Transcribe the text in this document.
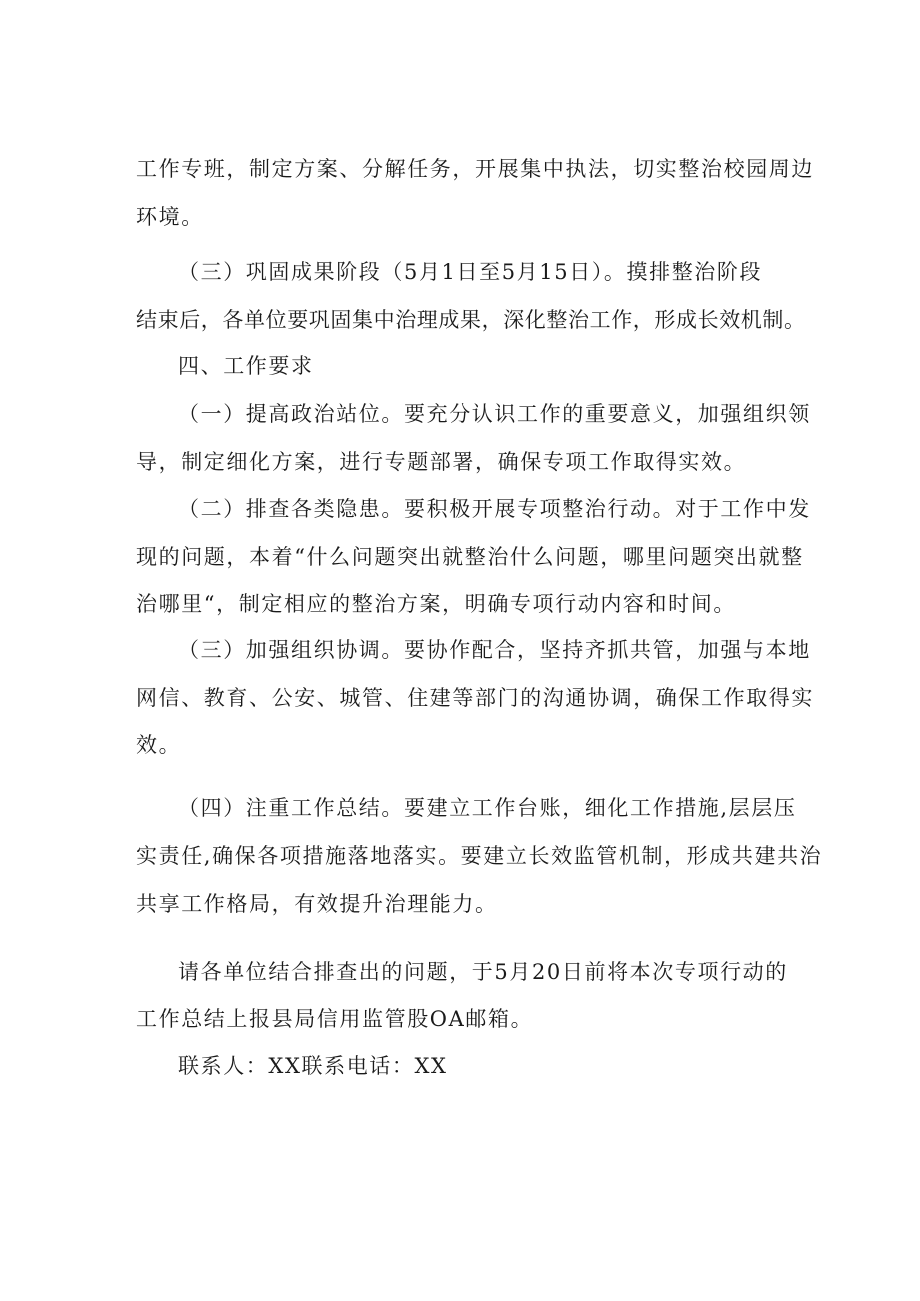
工作专班，制定方案、分解任务，开展集中执法，切实整治校园周边
环境。
（三）巩固成果阶段（5月1日至5月15日）。摸排整治阶段
结束后，各单位要巩固集中治理成果，深化整治工作，形成长效机制。
四、工作要求
（一）提高政治站位。要充分认识工作的重要意义，加强组织领
导，制定细化方案，进行专题部署，确保专项工作取得实效。
（二）排查各类隐患。要积极开展专项整治行动。对于工作中发
现的问题，本着“什么问题突出就整治什么问题，哪里问题突出就整
治哪里“，制定相应的整治方案，明确专项行动内容和时间。
（三）加强组织协调。要协作配合，坚持齐抓共管，加强与本地
网信、教育、公安、城管、住建等部门的沟通协调，确保工作取得实
效。
（四）注重工作总结。要建立工作台账，细化工作措施,层层压
实责任,确保各项措施落地落实。要建立长效监管机制，形成共建共治
共享工作格局，有效提升治理能力。
请各单位结合排查出的问题，于5月20日前将本次专项行动的
工作总结上报县局信用监管股OA邮箱。
联系人：XX联系电话：XX
